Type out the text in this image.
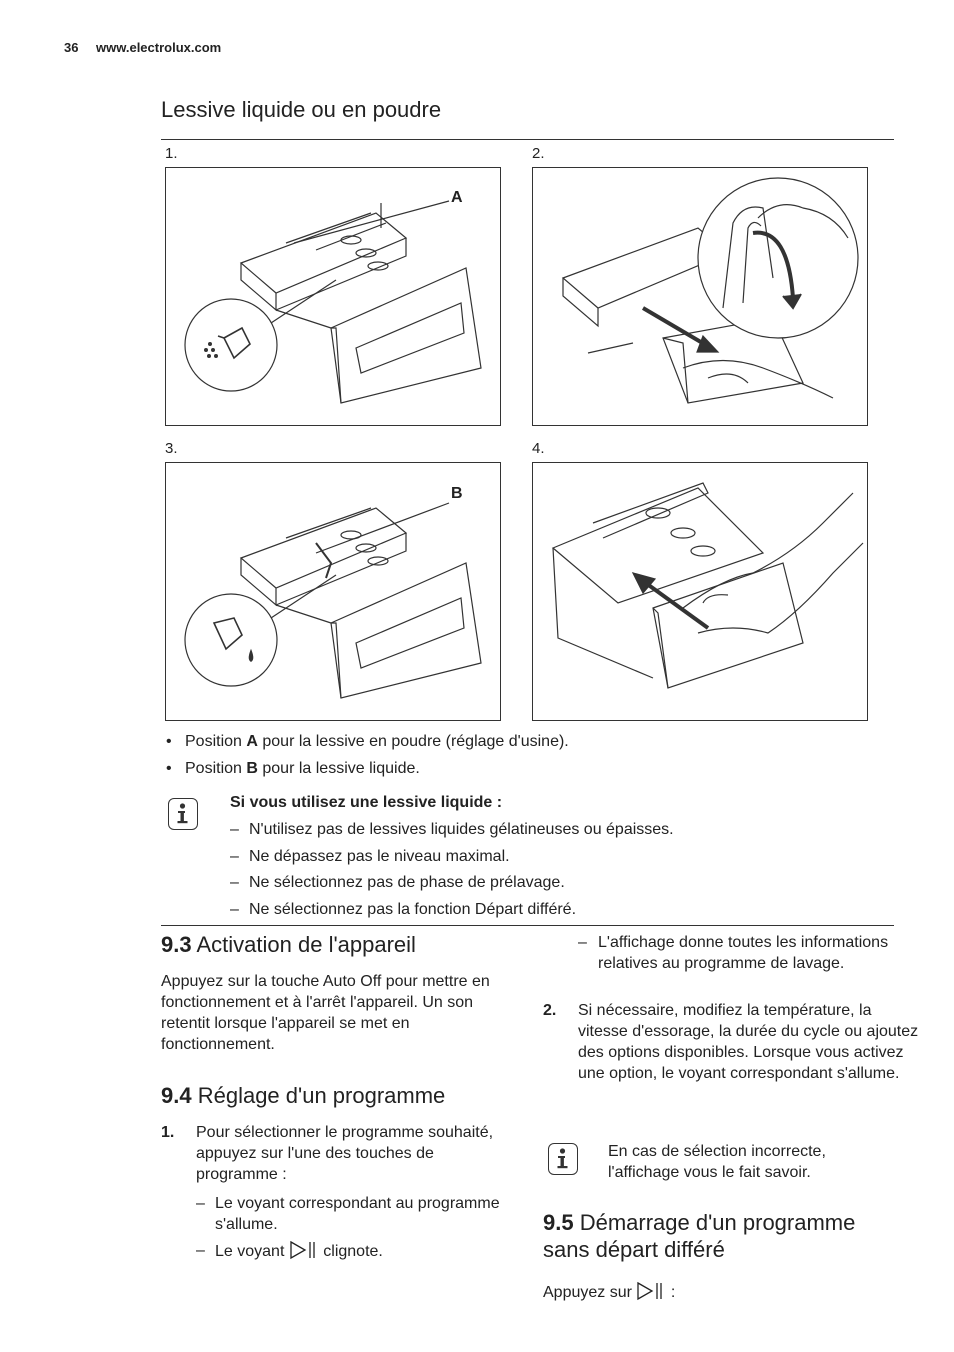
36 www.electrolux.com
Lessive liquide ou en poudre
1.	2.
3.	4.
A
B
• Position A pour la lessive en poudre (réglage d'usine).
• Position B pour la lessive liquide.
Si vous utilisez une lessive liquide :
– N'utilisez pas de lessives liquides gélatineuses ou épaisses.
– Ne dépassez pas le niveau maximal.
– Ne sélectionnez pas de phase de prélavage.
– Ne sélectionnez pas la fonction Départ différé.
9.3 Activation de l'appareil
Appuyez sur la touche Auto Off pour mettre en fonctionnement et à l'arrêt l'appareil. Un son retentit lorsque l'appareil se met en fonctionnement.
9.4 Réglage d'un programme
1. Pour sélectionner le programme souhaité, appuyez sur l'une des touches de programme :
– Le voyant correspondant au programme s'allume.
– Le voyant  clignote.
– L'affichage donne toutes les informations relatives au programme de lavage.
2. Si nécessaire, modifiez la température, la vitesse d'essorage, la durée du cycle ou ajoutez des options disponibles. Lorsque vous activez une option, le voyant correspondant s'allume.
En cas de sélection incorrecte, l'affichage vous le fait savoir.
9.5 Démarrage d'un programme sans départ différé
Appuyez sur  :
